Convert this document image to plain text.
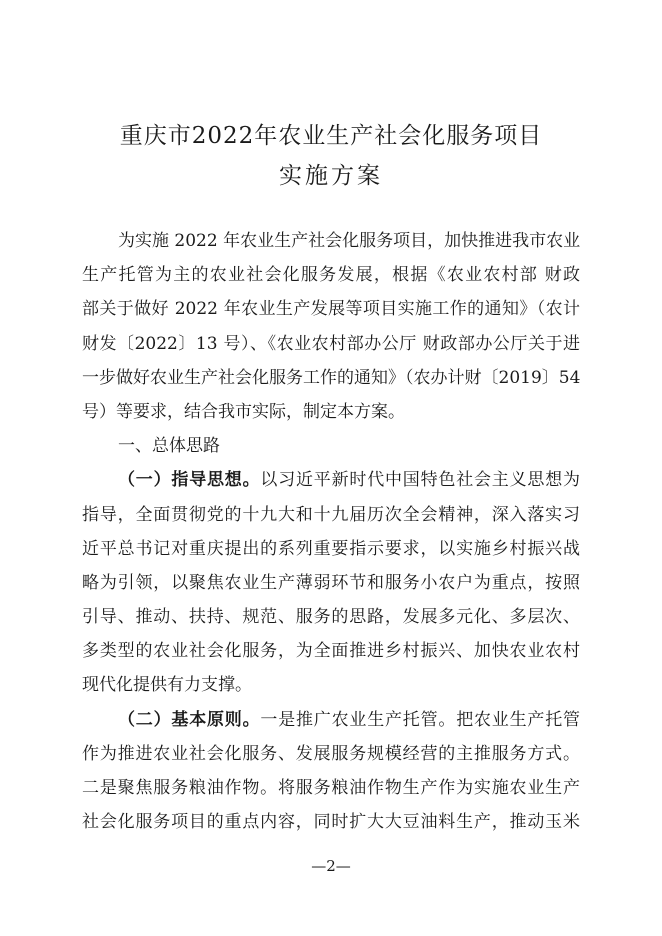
重庆市2022年农业生产社会化服务项目
实施方案
为实施 2022 年农业生产社会化服务项目，加快推进我市农业
生产托管为主的农业社会化服务发展，根据《农业农村部 财政
部关于做好 2022 年农业生产发展等项目实施工作的通知》（农计
财发〔2022〕13 号）、《农业农村部办公厅 财政部办公厅关于进
一步做好农业生产社会化服务工作的通知》（农办计财〔2019〕54
号）等要求，结合我市实际，制定本方案。
一、总体思路
（一）指导思想。以习近平新时代中国特色社会主义思想为
指导，全面贯彻党的十九大和十九届历次全会精神，深入落实习
近平总书记对重庆提出的系列重要指示要求，以实施乡村振兴战
略为引领，以聚焦农业生产薄弱环节和服务小农户为重点，按照
引导、推动、扶持、规范、服务的思路，发展多元化、多层次、
多类型的农业社会化服务，为全面推进乡村振兴、加快农业农村
现代化提供有力支撑。
（二）基本原则。一是推广农业生产托管。把农业生产托管
作为推进农业社会化服务、发展服务规模经营的主推服务方式。
二是聚焦服务粮油作物。将服务粮油作物生产作为实施农业生产
社会化服务项目的重点内容，同时扩大大豆油料生产，推动玉米
—2—
